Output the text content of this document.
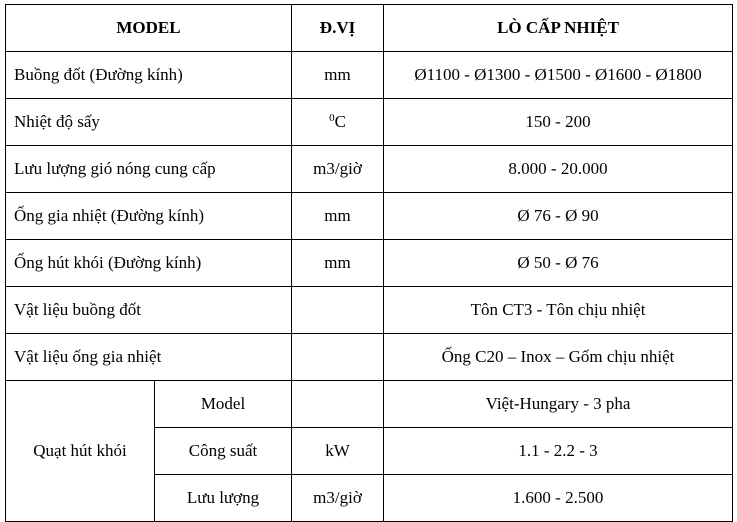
MODEL		Đ.VỊ	LÒ CẤP NHIỆT
Buồng đốt (Đường kính)		mm	Ø1100 - Ø1300 - Ø1500 - Ø1600 - Ø1800
Nhiệt độ sấy		$^0$C	150 - 200
Lưu lượng gió nóng cung cấp		m3/giờ	8.000 - 20.000
Ống gia nhiệt (Đường kính)		mm	Ø 76 - Ø 90
Ống hút khói (Đường kính)		mm	Ø 50 - Ø 76
Vật liệu buồng đốt			Tôn CT3 - Tôn chịu nhiệt
Vật liệu ống gia nhiệt			Ống C20 – Inox – Gốm chịu nhiệt
Quạt hút khói	Model		Việt-Hungary - 3 pha
	Công suất	kW	1.1 - 2.2 - 3
	Lưu lượng	m3/giờ	1.600 - 2.500
